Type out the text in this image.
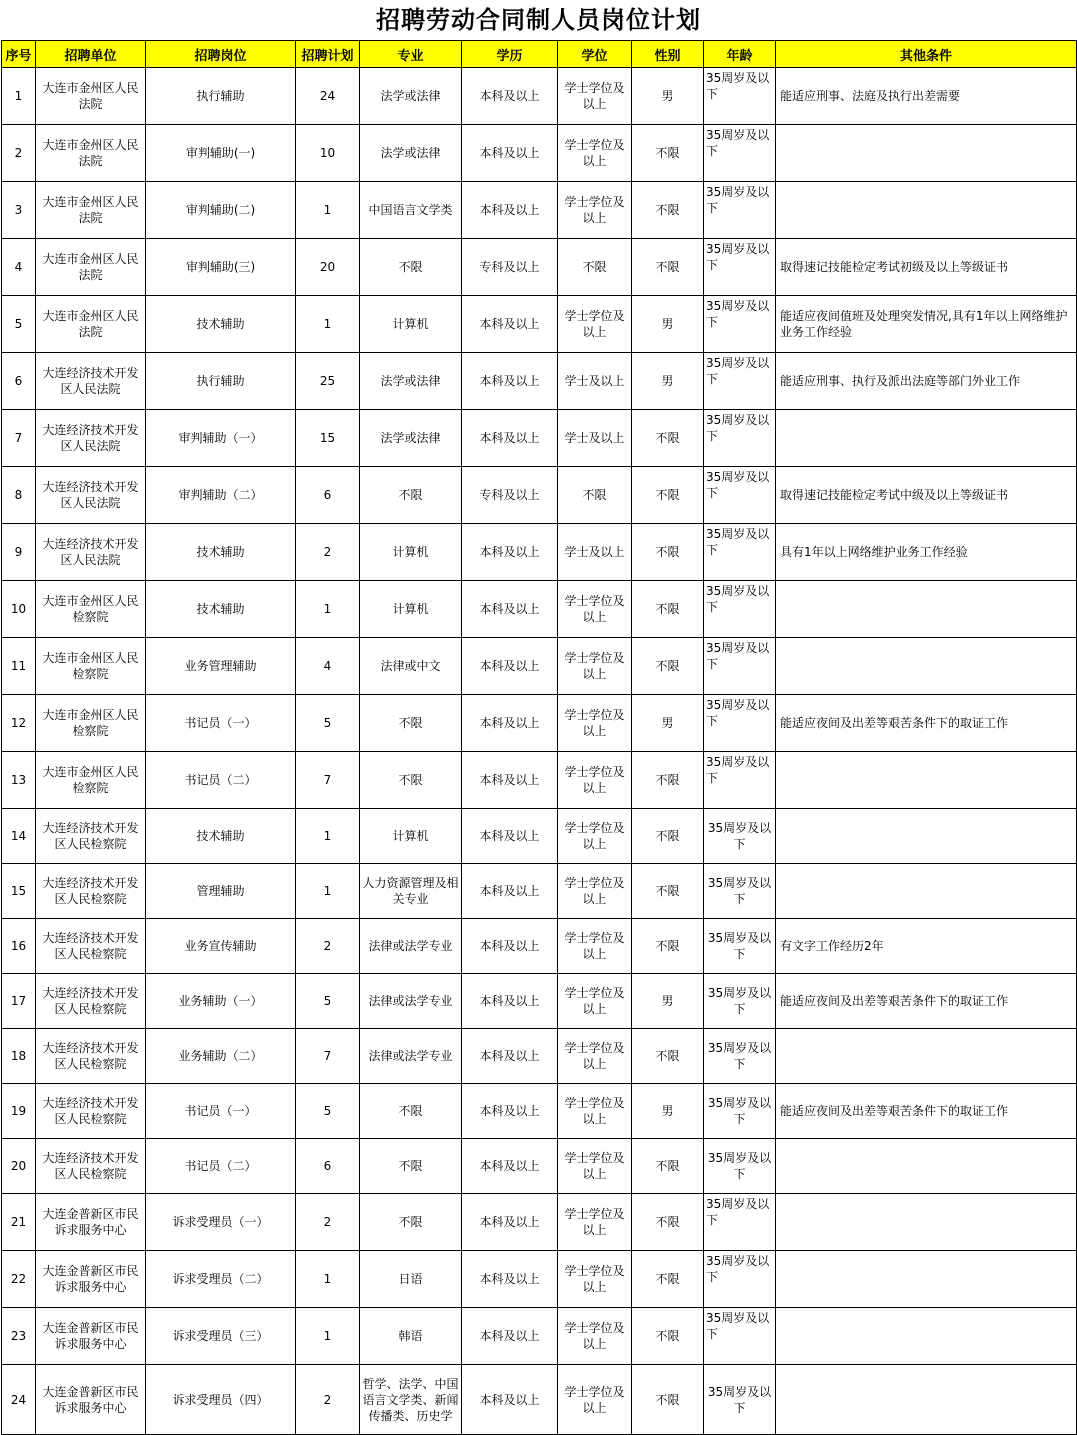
招聘劳动合同制人员岗位计划
序号	招聘单位	招聘岗位	招聘计划	专业	学历	学位	性别	年龄	其他条件
1	大连市金州区人民法院	执行辅助	24	法学或法律	本科及以上	学士学位及以上	男	35周岁及以下	能适应刑事、法庭及执行出差需要
2	大连市金州区人民法院	审判辅助(一)	10	法学或法律	本科及以上	学士学位及以上	不限	35周岁及以下	
3	大连市金州区人民法院	审判辅助(二)	1	中国语言文学类	本科及以上	学士学位及以上	不限	35周岁及以下	
4	大连市金州区人民法院	审判辅助(三)	20	不限	专科及以上	不限	不限	35周岁及以下	取得速记技能检定考试初级及以上等级证书
5	大连市金州区人民法院	技术辅助	1	计算机	本科及以上	学士学位及以上	男	35周岁及以下	能适应夜间值班及处理突发情况,具有1年以上网络维护业务工作经验
6	大连经济技术开发区人民法院	执行辅助	25	法学或法律	本科及以上	学士及以上	男	35周岁及以下	能适应刑事、执行及派出法庭等部门外业工作
7	大连经济技术开发区人民法院	审判辅助（一）	15	法学或法律	本科及以上	学士及以上	不限	35周岁及以下	
8	大连经济技术开发区人民法院	审判辅助（二）	6	不限	专科及以上	不限	不限	35周岁及以下	取得速记技能检定考试中级及以上等级证书
9	大连经济技术开发区人民法院	技术辅助	2	计算机	本科及以上	学士及以上	不限	35周岁及以下	具有1年以上网络维护业务工作经验
10	大连市金州区人民检察院	技术辅助	1	计算机	本科及以上	学士学位及以上	不限	35周岁及以下	
11	大连市金州区人民检察院	业务管理辅助	4	法律或中文	本科及以上	学士学位及以上	不限	35周岁及以下	
12	大连市金州区人民检察院	书记员（一）	5	不限	本科及以上	学士学位及以上	男	35周岁及以下	能适应夜间及出差等艰苦条件下的取证工作
13	大连市金州区人民检察院	书记员（二）	7	不限	本科及以上	学士学位及以上	不限	35周岁及以下	
14	大连经济技术开发区人民检察院	技术辅助	1	计算机	本科及以上	学士学位及以上	不限	35周岁及以下	
15	大连经济技术开发区人民检察院	管理辅助	1	人力资源管理及相关专业	本科及以上	学士学位及以上	不限	35周岁及以下	
16	大连经济技术开发区人民检察院	业务宣传辅助	2	法律或法学专业	本科及以上	学士学位及以上	不限	35周岁及以下	有文字工作经历2年
17	大连经济技术开发区人民检察院	业务辅助（一）	5	法律或法学专业	本科及以上	学士学位及以上	男	35周岁及以下	能适应夜间及出差等艰苦条件下的取证工作
18	大连经济技术开发区人民检察院	业务辅助（二）	7	法律或法学专业	本科及以上	学士学位及以上	不限	35周岁及以下	
19	大连经济技术开发区人民检察院	书记员（一）	5	不限	本科及以上	学士学位及以上	男	35周岁及以下	能适应夜间及出差等艰苦条件下的取证工作
20	大连经济技术开发区人民检察院	书记员（二）	6	不限	本科及以上	学士学位及以上	不限	35周岁及以下	
21	大连金普新区市民诉求服务中心	诉求受理员（一）	2	不限	本科及以上	学士学位及以上	不限	35周岁及以下	
22	大连金普新区市民诉求服务中心	诉求受理员（二）	1	日语	本科及以上	学士学位及以上	不限	35周岁及以下	
23	大连金普新区市民诉求服务中心	诉求受理员（三）	1	韩语	本科及以上	学士学位及以上	不限	35周岁及以下	
24	大连金普新区市民诉求服务中心	诉求受理员（四）	2	哲学、法学、中国语言文学类、新闻传播类、历史学	本科及以上	学士学位及以上	不限	35周岁及以下	
